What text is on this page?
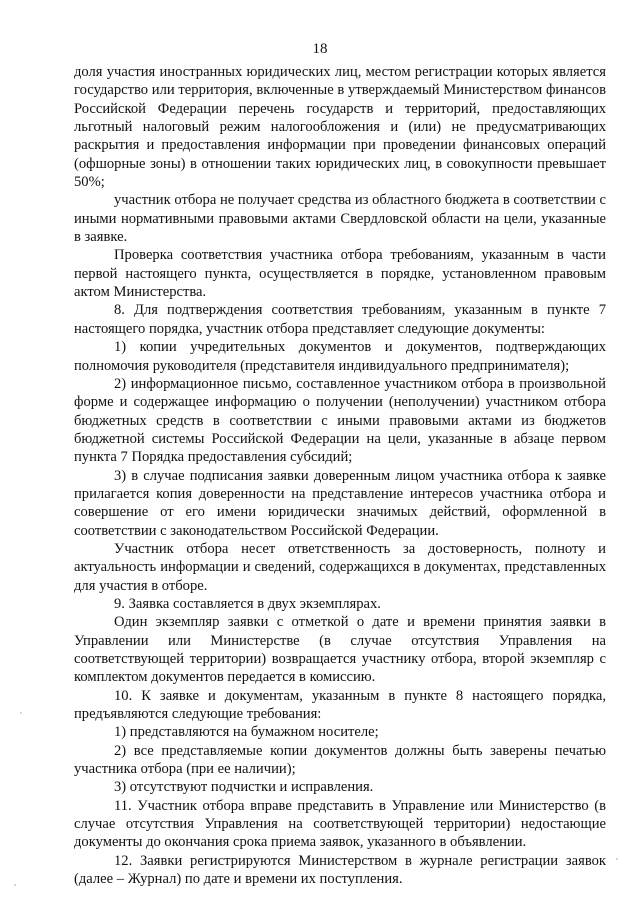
18

доля участия иностранных юридических лиц, местом регистрации которых является государство или территория, включенные в утверждаемый Министерством финансов Российской Федерации перечень государств и территорий, предоставляющих льготный налоговый режим налогообложения и (или) не предусматривающих раскрытия и предоставления информации при проведении финансовых операций (офшорные зоны) в отношении таких юридических лиц, в совокупности превышает 50%;

участник отбора не получает средства из областного бюджета в соответствии с иными нормативными правовыми актами Свердловской области на цели, указанные в заявке.

Проверка соответствия участника отбора требованиям, указанным в части первой настоящего пункта, осуществляется в порядке, установленном правовым актом Министерства.

8. Для подтверждения соответствия требованиям, указанным в пункте 7 настоящего порядка, участник отбора представляет следующие документы:

1) копии учредительных документов и документов, подтверждающих полномочия руководителя (представителя индивидуального предпринимателя);

2) информационное письмо, составленное участником отбора в произвольной форме и содержащее информацию о получении (неполучении) участником отбора бюджетных средств в соответствии с иными правовыми актами из бюджетов бюджетной системы Российской Федерации на цели, указанные в абзаце первом пункта 7 Порядка предоставления субсидий;

3) в случае подписания заявки доверенным лицом участника отбора к заявке прилагается копия доверенности на представление интересов участника отбора и совершение от его имени юридически значимых действий, оформленной в соответствии с законодательством Российской Федерации.

Участник отбора несет ответственность за достоверность, полноту и актуальность информации и сведений, содержащихся в документах, представленных для участия в отборе.

9. Заявка составляется в двух экземплярах.

Один экземпляр заявки с отметкой о дате и времени принятия заявки в Управлении или Министерстве (в случае отсутствия Управления на соответствующей территории) возвращается участнику отбора, второй экземпляр с комплектом документов передается в комиссию.

10. К заявке и документам, указанным в пункте 8 настоящего порядка, предъявляются следующие требования:

1) представляются на бумажном носителе;

2) все представляемые копии документов должны быть заверены печатью участника отбора (при ее наличии);

3) отсутствуют подчистки и исправления.

11. Участник отбора вправе представить в Управление или Министерство (в случае отсутствия Управления на соответствующей территории) недостающие документы до окончания срока приема заявок, указанного в объявлении.

12. Заявки регистрируются Министерством в журнале регистрации заявок (далее – Журнал) по дате и времени их поступления.
